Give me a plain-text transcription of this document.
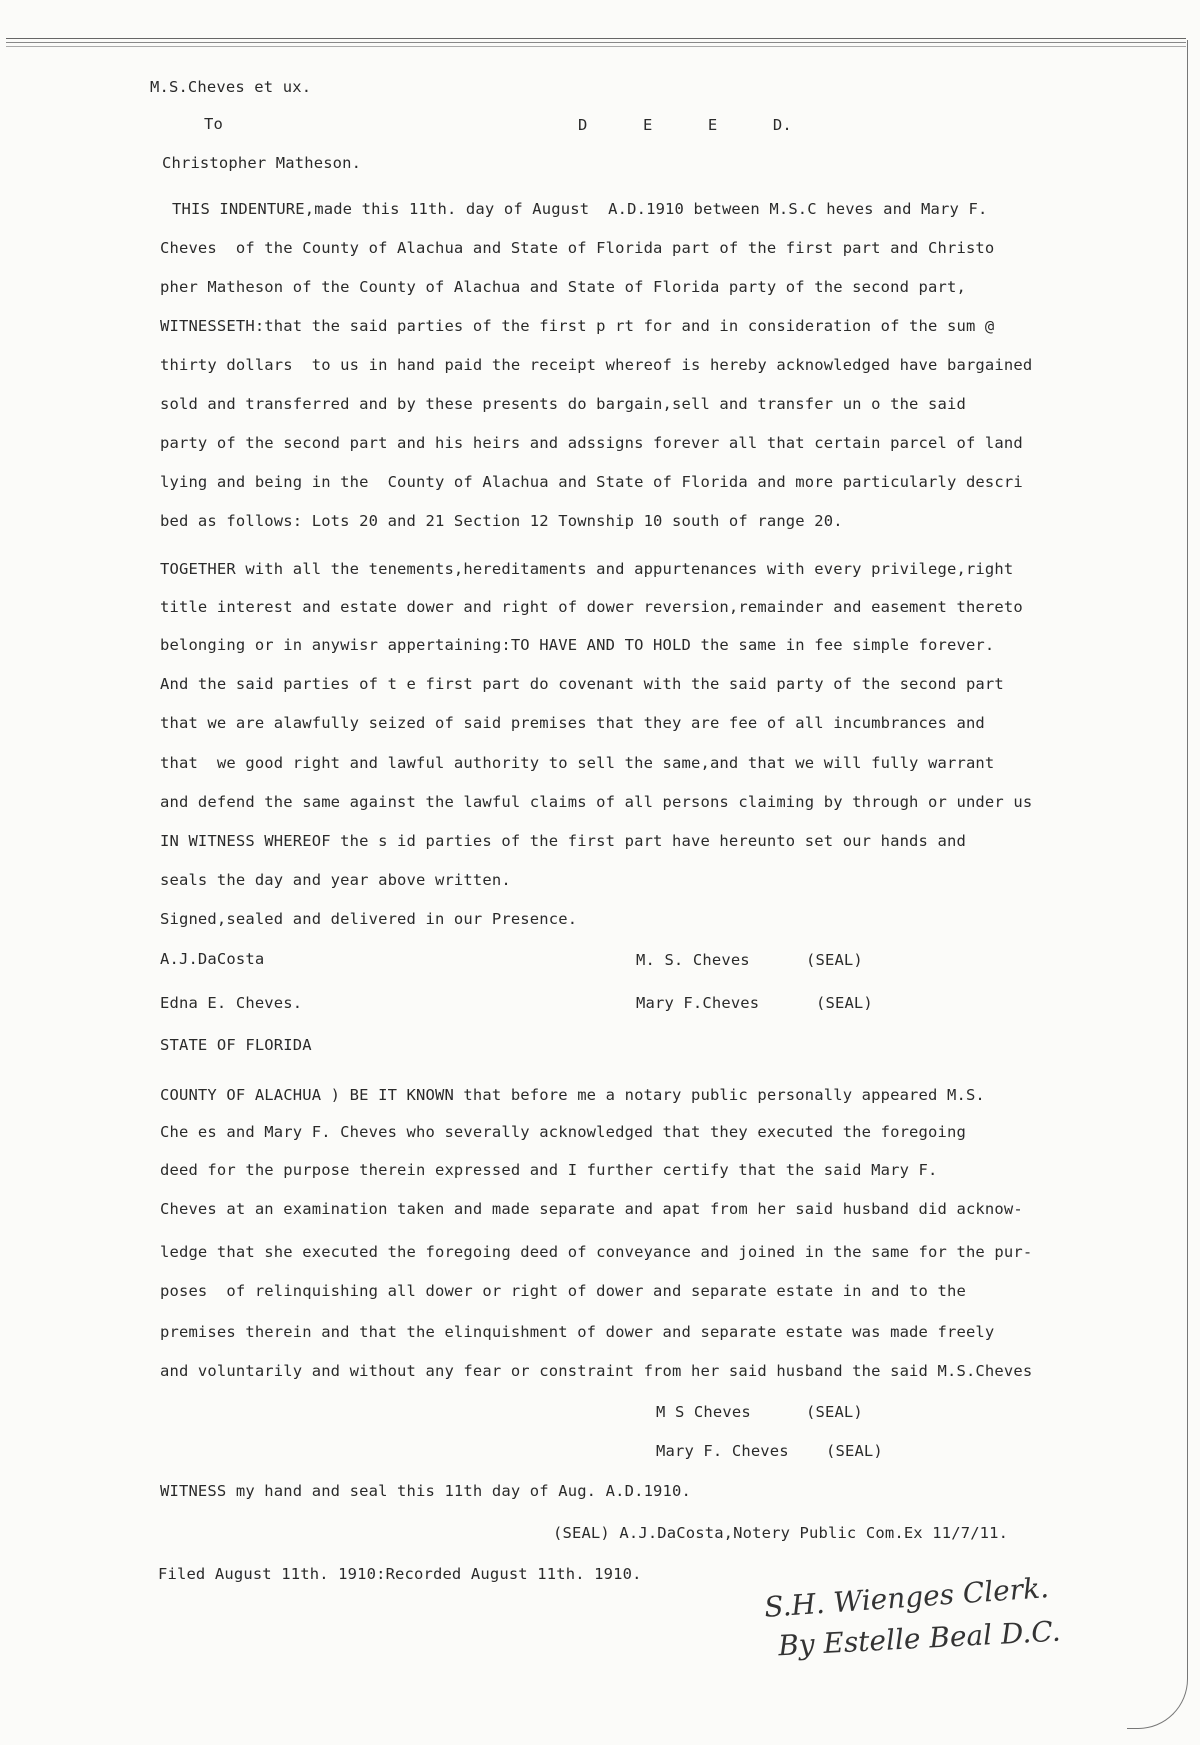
M.S.Cheves et ux.
To	D E E D.
Christopher Matheson.
THIS INDENTURE,made this 11th. day of August  A.D.1910 between M.S.C heves and Mary F.
Cheves  of the County of Alachua and State of Florida part of the first part and Christo
pher Matheson of the County of Alachua and State of Florida party of the second part,
WITNESSETH:that the said parties of the first p rt for and in consideration of the sum @
thirty dollars  to us in hand paid the receipt whereof is hereby acknowledged have bargained
sold and transferred and by these presents do bargain,sell and transfer un o the said
party of the second part and his heirs and adssigns forever all that certain parcel of land
lying and being in the  County of Alachua and State of Florida and more particularly descri
bed as follows: Lots 20 and 21 Section 12 Township 10 south of range 20.
TOGETHER with all the tenements,hereditaments and appurtenances with every privilege,right
title interest and estate dower and right of dower reversion,remainder and easement thereto
belonging or in anywisr appertaining:TO HAVE AND TO HOLD the same in fee simple forever.
And the said parties of t e first part do covenant with the said party of the second part
that we are alawfully seized of said premises that they are fee of all incumbrances and
that  we good right and lawful authority to sell the same,and that we will fully warrant
and defend the same against the lawful claims of all persons claiming by through or under us
IN WITNESS WHEREOF the s id parties of the first part have hereunto set our hands and
seals the day and year above written.
Signed,sealed and delivered in our Presence.
A.J.DaCosta	M. S. Cheves	(SEAL)
Edna E. Cheves.	Mary F.Cheves	(SEAL)
STATE OF FLORIDA
COUNTY OF ALACHUA ) BE IT KNOWN that before me a notary public personally appeared M.S.
Che es and Mary F. Cheves who severally acknowledged that they executed the foregoing
deed for the purpose therein expressed and I further certify that the said Mary F.
Cheves at an examination taken and made separate and apat from her said husband did acknow-
ledge that she executed the foregoing deed of conveyance and joined in the same for the pur-
poses  of relinquishing all dower or right of dower and separate estate in and to the
premises therein and that the elinquishment of dower and separate estate was made freely
and voluntarily and without any fear or constraint from her said husband the said M.S.Cheves
M S Cheves	(SEAL)
Mary F. Cheves (SEAL)
WITNESS my hand and seal this 11th day of Aug. A.D.1910.
(SEAL) A.J.DaCosta,Notery Public Com.Ex 11/7/11.
Filed August 11th. 1910:Recorded August 11th. 1910.	S.H. Wienges Clerk.
By Estelle Beal D.C.
